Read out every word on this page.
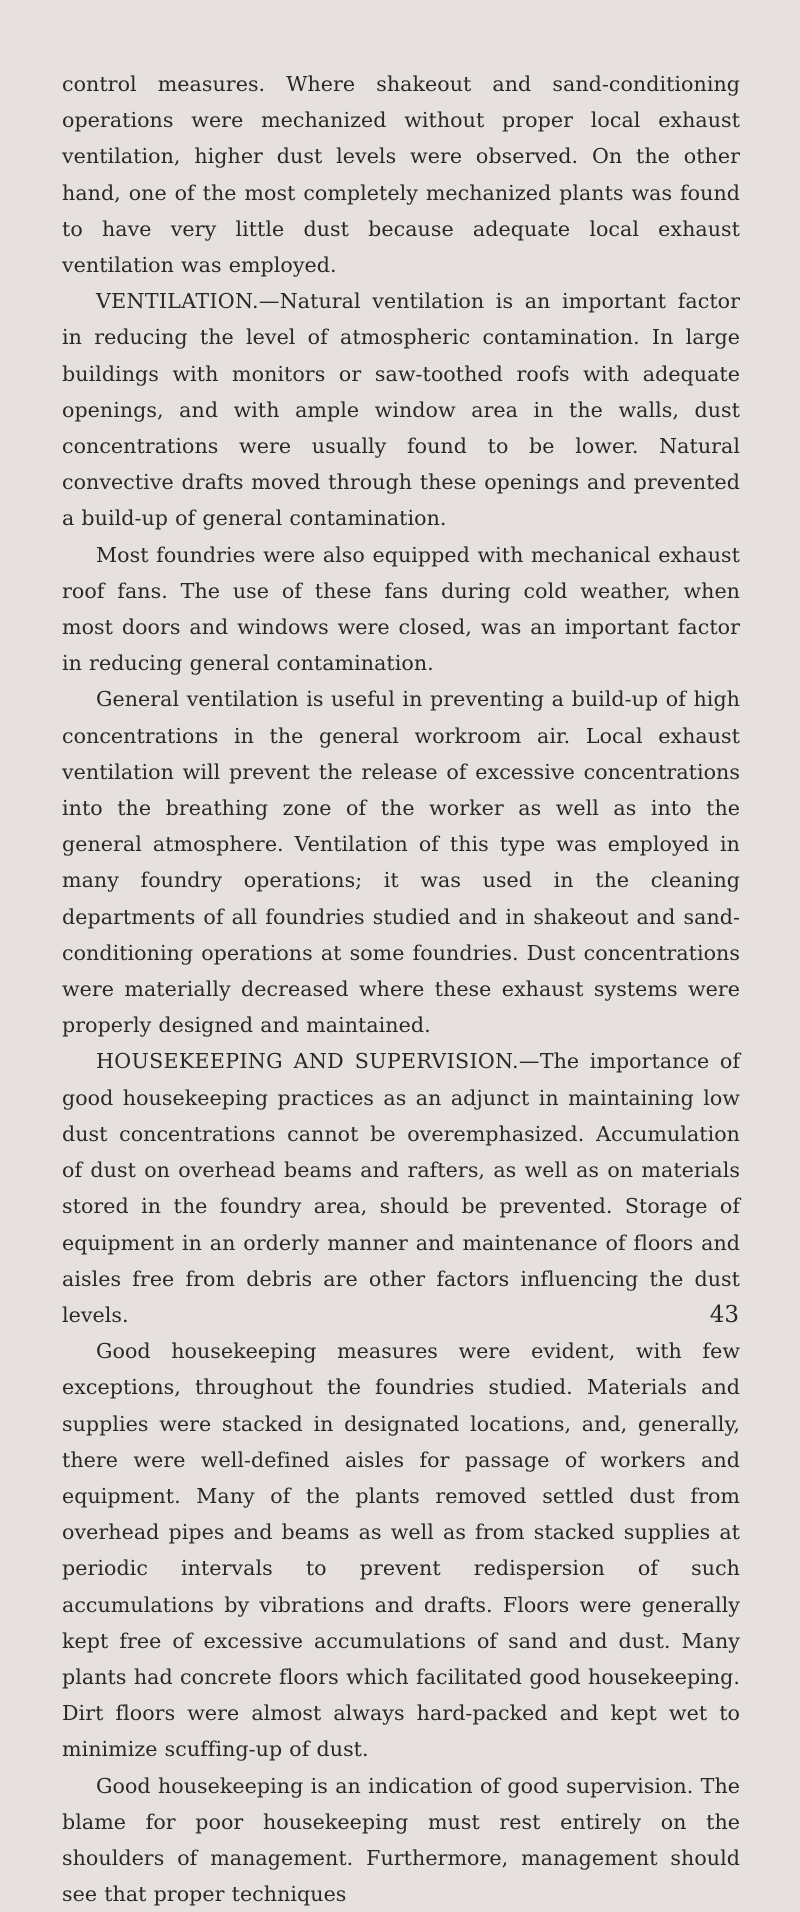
control measures. Where shakeout and sand-conditioning operations were mechanized without proper local exhaust ventilation, higher dust levels were observed. On the other hand, one of the most completely mechanized plants was found to have very little dust because adequate local exhaust ventilation was employed.

VENTILATION.—Natural ventilation is an important factor in reducing the level of atmospheric contamination. In large buildings with monitors or saw-toothed roofs with adequate openings, and with ample window area in the walls, dust concentrations were usually found to be lower. Natural convective drafts moved through these openings and prevented a build-up of general contamination.

Most foundries were also equipped with mechanical exhaust roof fans. The use of these fans during cold weather, when most doors and windows were closed, was an important factor in reducing general contamination.

General ventilation is useful in preventing a build-up of high concentrations in the general workroom air. Local exhaust ventilation will prevent the release of excessive concentrations into the breathing zone of the worker as well as into the general atmosphere. Ventilation of this type was employed in many foundry operations; it was used in the cleaning departments of all foundries studied and in shakeout and sand-conditioning operations at some foundries. Dust concentrations were materially decreased where these exhaust systems were properly designed and maintained.

HOUSEKEEPING AND SUPERVISION.—The importance of good housekeeping practices as an adjunct in maintaining low dust concentrations cannot be overemphasized. Accumulation of dust on overhead beams and rafters, as well as on materials stored in the foundry area, should be prevented. Storage of equipment in an orderly manner and maintenance of floors and aisles free from debris are other factors influencing the dust levels.

Good housekeeping measures were evident, with few exceptions, throughout the foundries studied. Materials and supplies were stacked in designated locations, and, generally, there were well-defined aisles for passage of workers and equipment. Many of the plants removed settled dust from overhead pipes and beams as well as from stacked supplies at periodic intervals to prevent redispersion of such accumulations by vibrations and drafts. Floors were generally kept free of excessive accumulations of sand and dust. Many plants had concrete floors which facilitated good housekeeping. Dirt floors were almost always hard-packed and kept wet to minimize scuffing-up of dust.

Good housekeeping is an indication of good supervision. The blame for poor housekeeping must rest entirely on the shoulders of management. Furthermore, management should see that proper techniques

43
